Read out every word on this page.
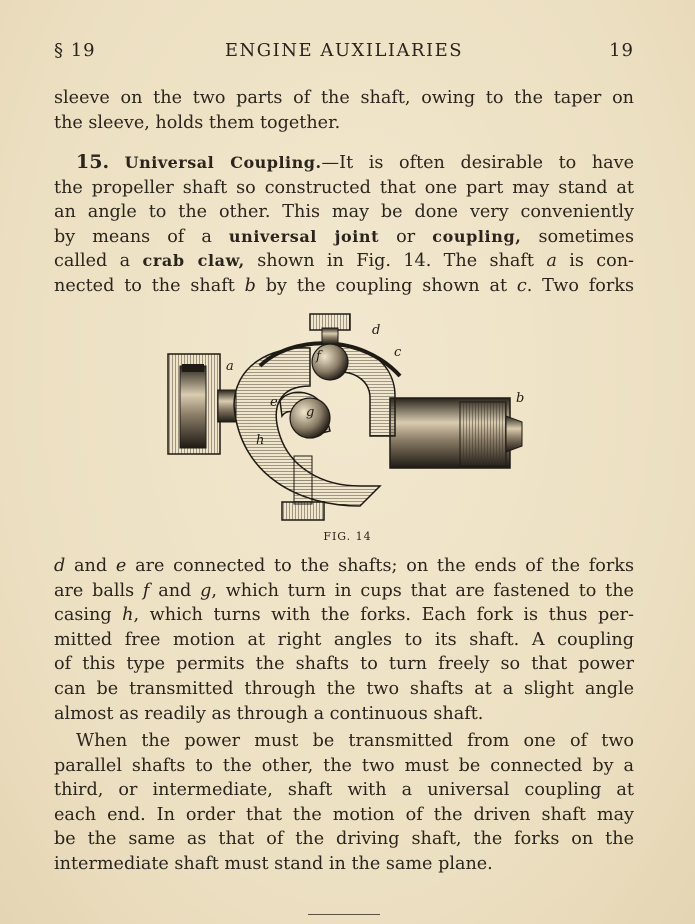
§ 19	ENGINE AUXILIARIES	19
sleeve on the two parts of the shaft, owing to the taper on
the sleeve, holds them together.
15. Universal Coupling.—It is often desirable to have
the propeller shaft so constructed that one part may stand at
an angle to the other. This may be done very conveniently
by means of a universal joint or coupling, sometimes
called a crab claw, shown in Fig. 14. The shaft a is con-
nected to the shaft b by the coupling shown at c. Two forks
d
c
a
f
e
g
h
b
FIG. 14
d and e are connected to the shafts; on the ends of the forks
are balls f and g, which turn in cups that are fastened to the
casing h, which turns with the forks. Each fork is thus per-
mitted free motion at right angles to its shaft. A coupling
of this type permits the shafts to turn freely so that power
can be transmitted through the two shafts at a slight angle
almost as readily as through a continuous shaft.
When the power must be transmitted from one of two
parallel shafts to the other, the two must be connected by a
third, or intermediate, shaft with a universal coupling at
each end. In order that the motion of the driven shaft may
be the same as that of the driving shaft, the forks on the
intermediate shaft must stand in the same plane.
